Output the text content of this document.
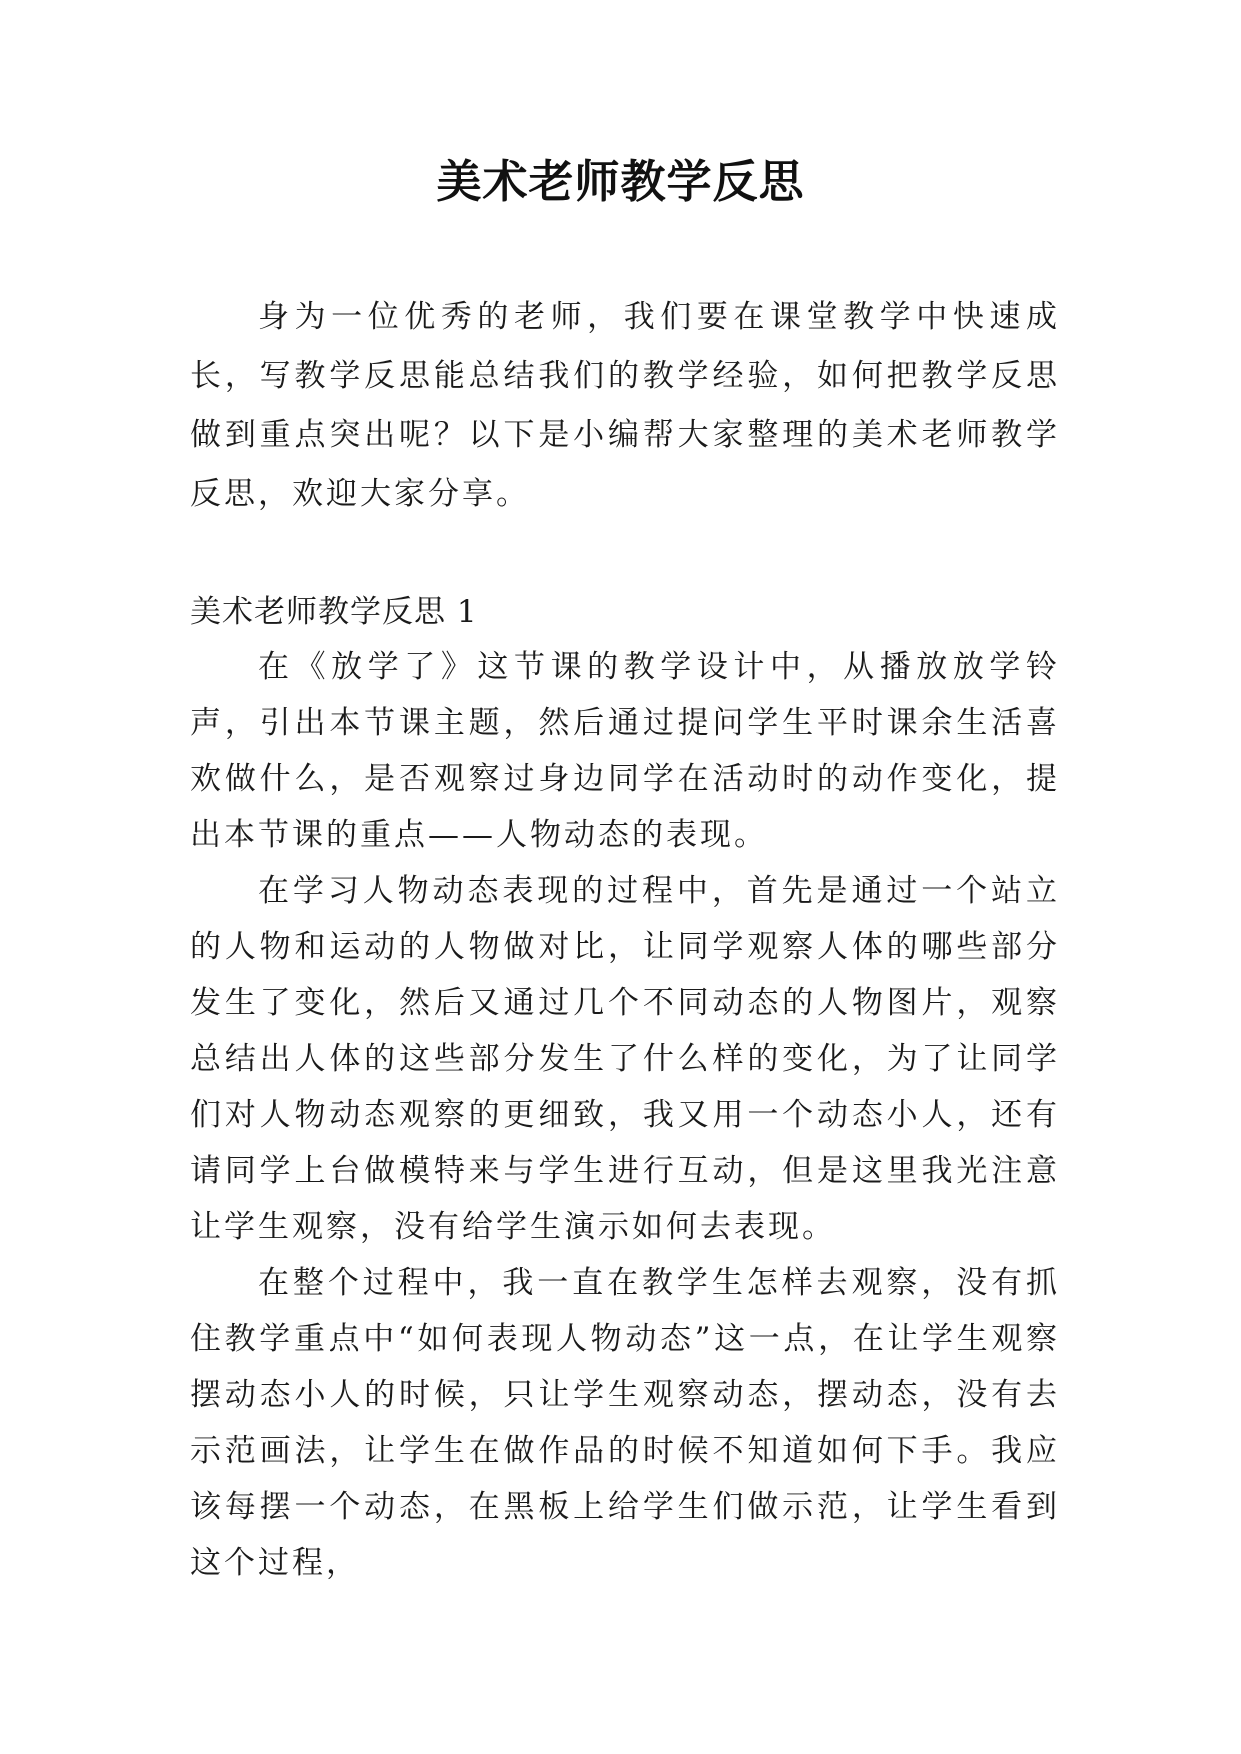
美术老师教学反思
身为一位优秀的老师，我们要在课堂教学中快速成长，写教学反思能总结我们的教学经验，如何把教学反思做到重点突出呢？以下是小编帮大家整理的美术老师教学反思，欢迎大家分享。
美术老师教学反思 1

在《放学了》这节课的教学设计中，从播放放学铃声，引出本节课主题，然后通过提问学生平时课余生活喜欢做什么，是否观察过身边同学在活动时的动作变化，提出本节课的重点——人物动态的表现。

在学习人物动态表现的过程中，首先是通过一个站立的人物和运动的人物做对比，让同学观察人体的哪些部分发生了变化，然后又通过几个不同动态的人物图片，观察总结出人体的这些部分发生了什么样的变化，为了让同学们对人物动态观察的更细致，我又用一个动态小人，还有请同学上台做模特来与学生进行互动，但是这里我光注意让学生观察，没有给学生演示如何去表现。

在整个过程中，我一直在教学生怎样去观察，没有抓住教学重点中“如何表现人物动态”这一点，在让学生观察摆动态小人的时候，只让学生观察动态，摆动态，没有去示范画法，让学生在做作品的时候不知道如何下手。我应该每摆一个动态，在黑板上给学生们做示范，让学生看到这个过程，
